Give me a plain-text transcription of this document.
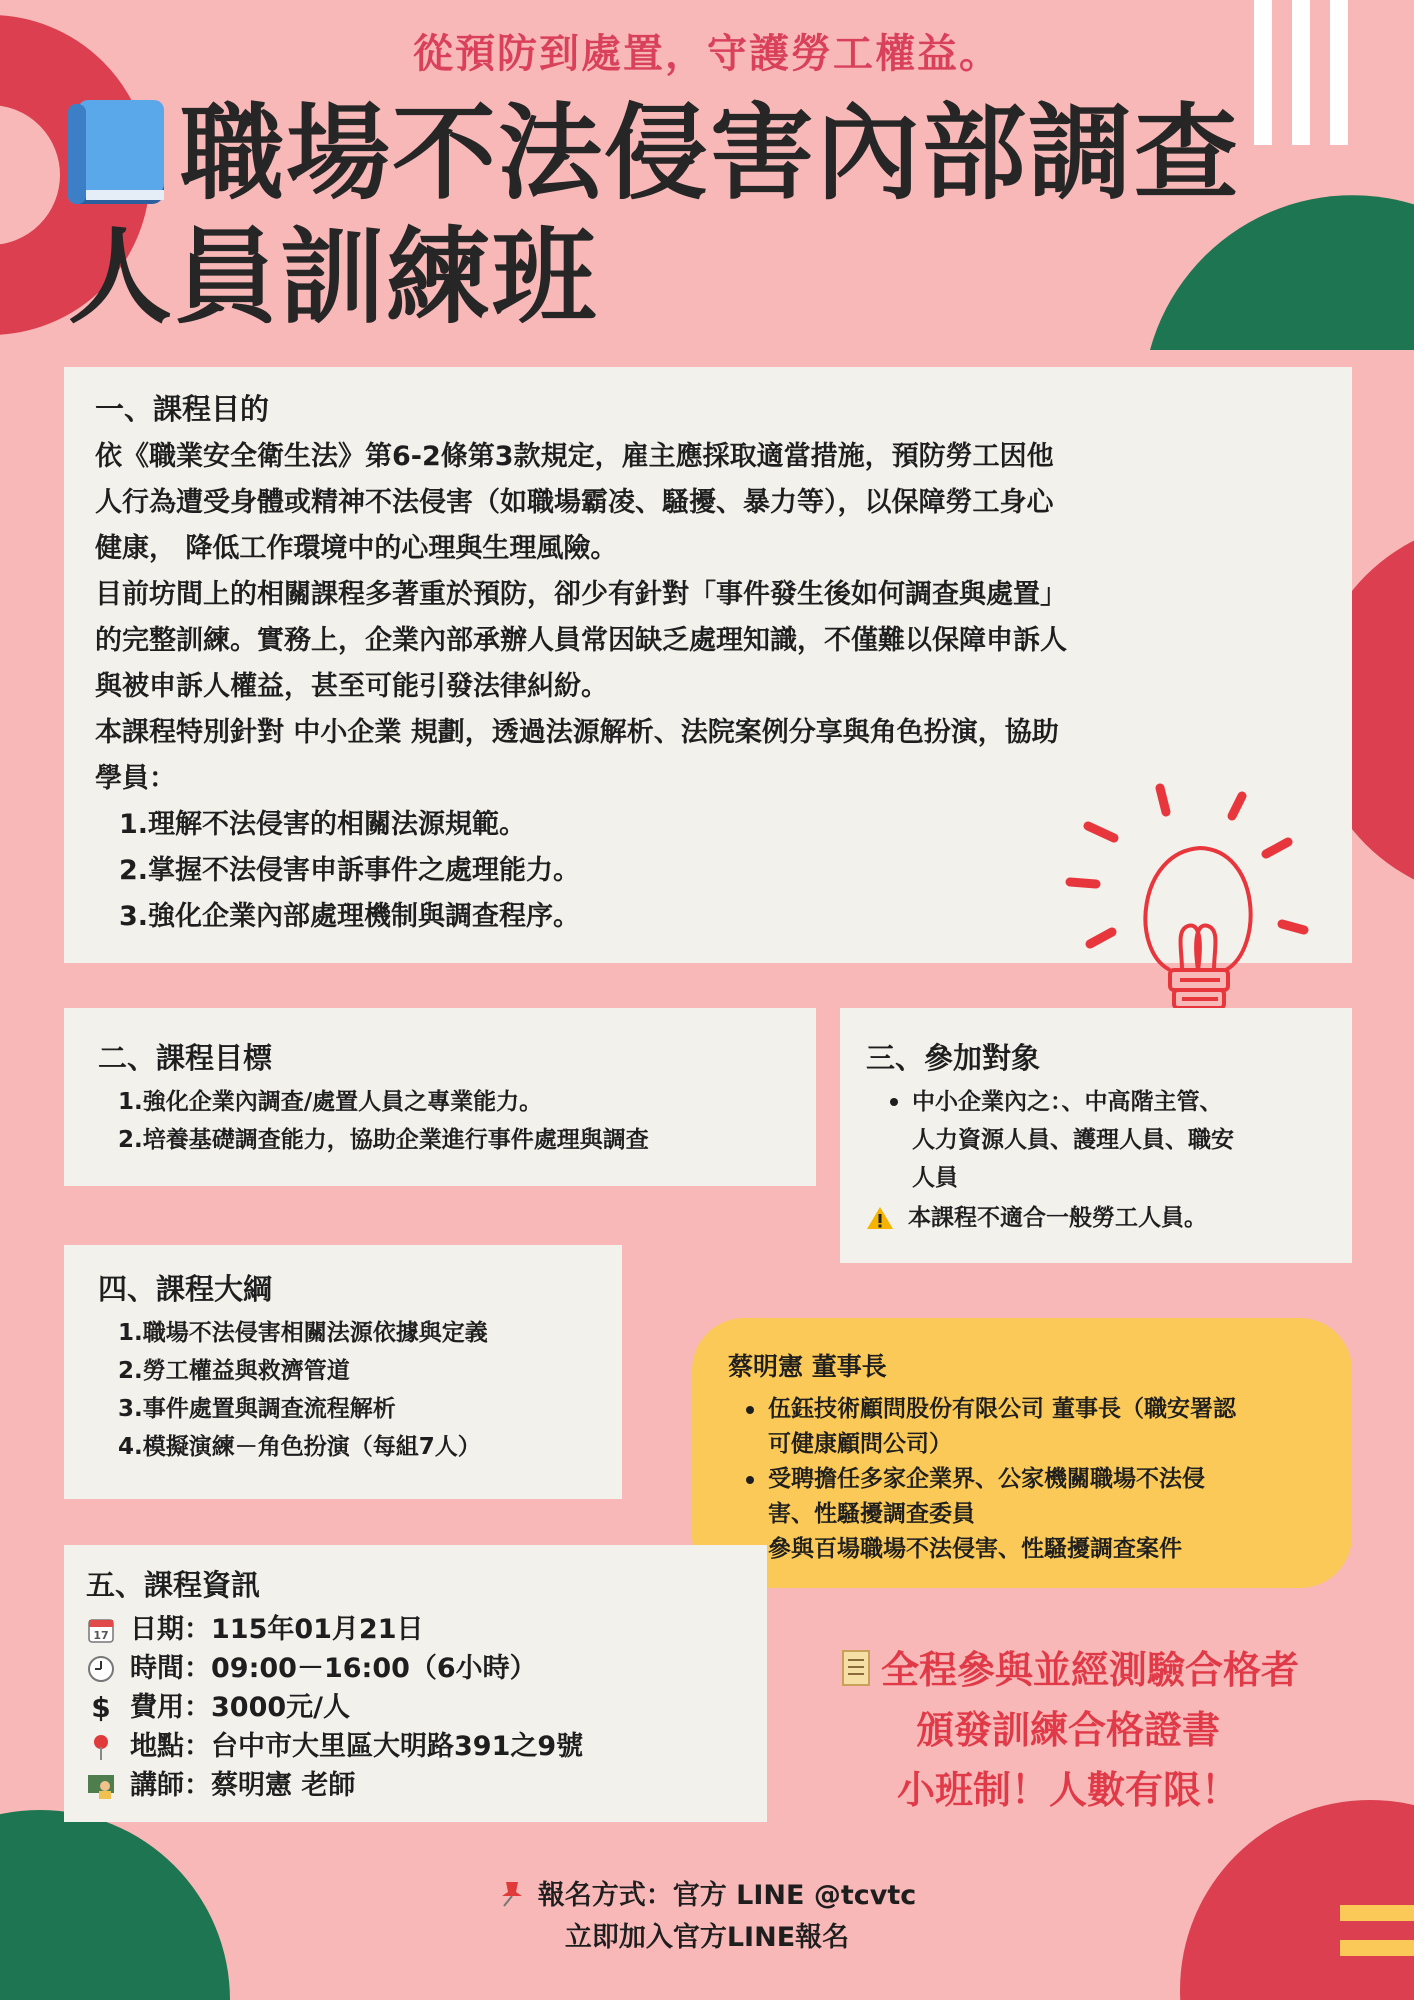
從預防到處置，守護勞工權益。
職場不法侵害內部調查
人員訓練班
一、課程目的
依《職業安全衛生法》第6-2條第3款規定，雇主應採取適當措施，預防勞工因他
人行為遭受身體或精神不法侵害（如職場霸凌、騷擾、暴力等），以保障勞工身心
健康， 降低工作環境中的心理與生理風險。
目前坊間上的相關課程多著重於預防，卻少有針對「事件發生後如何調查與處置」
的完整訓練。實務上，企業內部承辦人員常因缺乏處理知識，不僅難以保障申訴人
與被申訴人權益，甚至可能引發法律糾紛。
本課程特別針對 中小企業 規劃，透過法源解析、法院案例分享與角色扮演，協助
學員：
1.理解不法侵害的相關法源規範。
2.掌握不法侵害申訴事件之處理能力。
3.強化企業內部處理機制與調查程序。
二、課程目標
1.強化企業內調查/處置人員之專業能力。
2.培養基礎調查能力，協助企業進行事件處理與調查
三、參加對象
中小企業內之：、中高階主管、
人力資源人員、護理人員、職安
人員
本課程不適合一般勞工人員。
四、課程大綱
1.職場不法侵害相關法源依據與定義
2.勞工權益與救濟管道
3.事件處置與調查流程解析
4.模擬演練－角色扮演（每組7人）
蔡明憲 董事長
伍鈺技術顧問股份有限公司 董事長（職安署認
可健康顧問公司）
受聘擔任多家企業界、公家機關職場不法侵
害、性騷擾調查委員
參與百場職場不法侵害、性騷擾調查案件
五、課程資訊
17 日期：115年01月21日
時間：09:00－16:00（6小時）
$ 費用：3000元/人
地點：台中市大里區大明路391之9號
講師：蔡明憲 老師
全程參與並經測驗合格者
頒發訓練合格證書
小班制！人數有限！
報名方式：官方 LINE @tcvtc
立即加入官方LINE報名
